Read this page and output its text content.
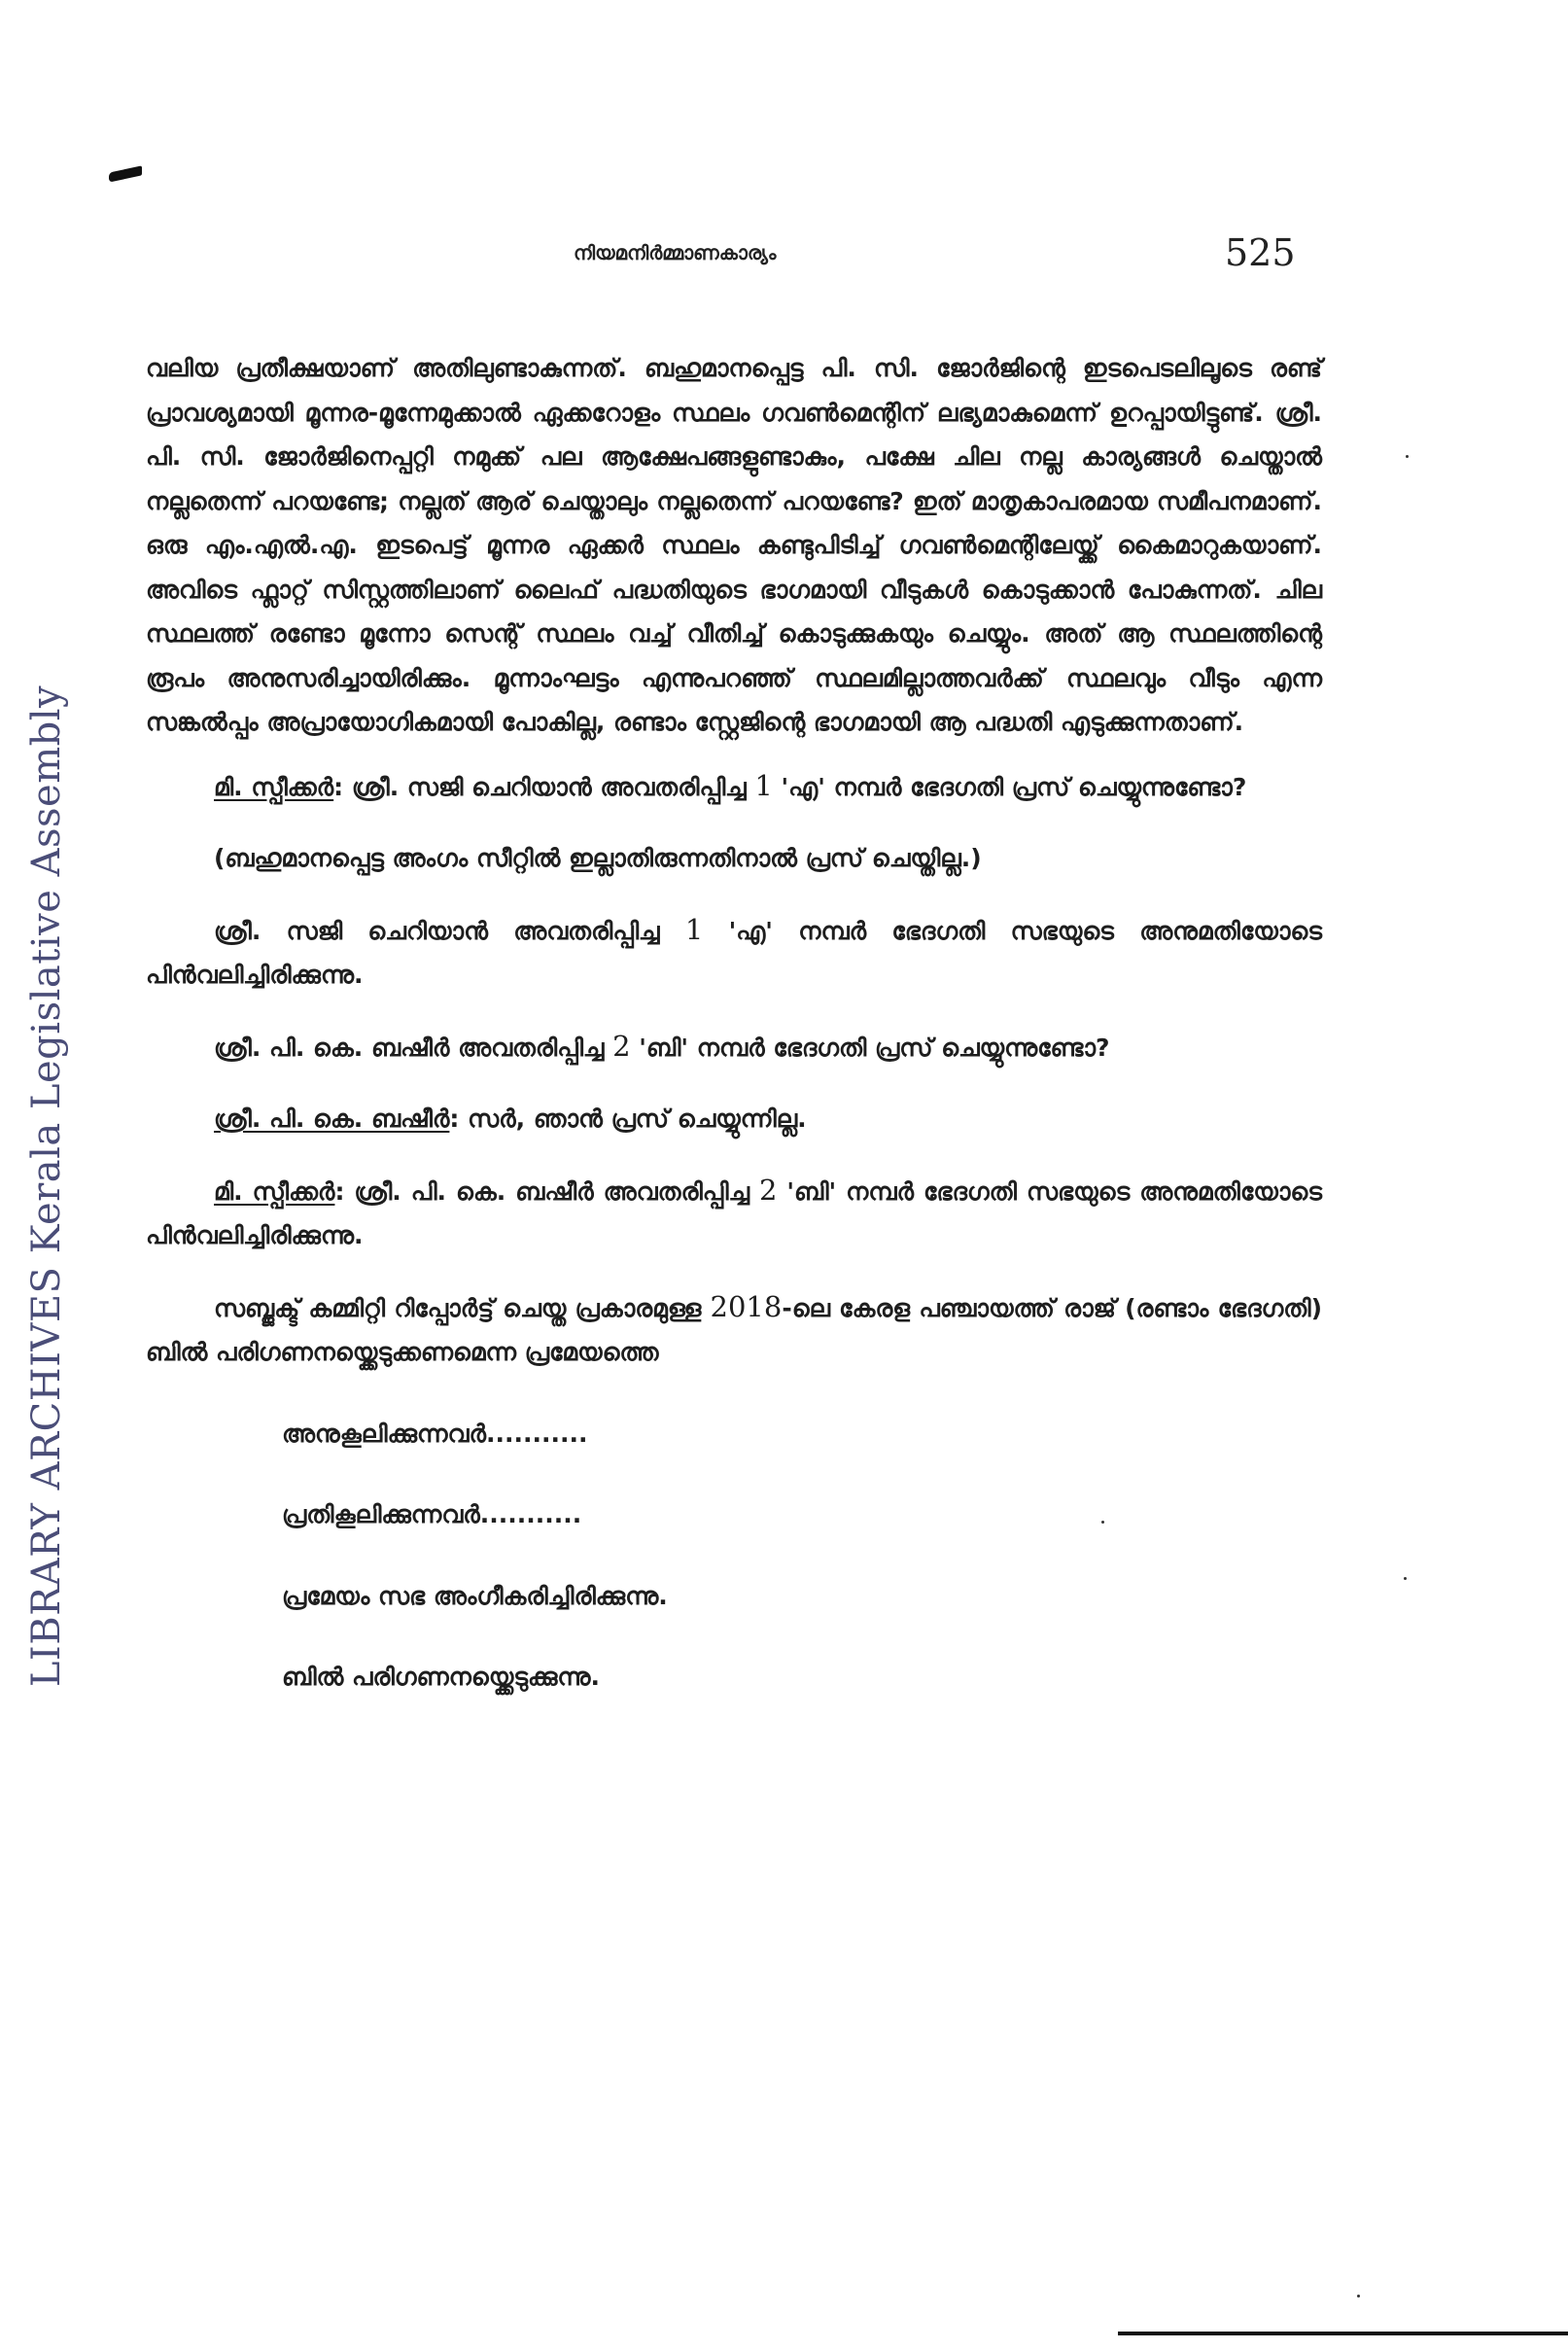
LIBRARY ARCHIVES Kerala Legislative Assembly
നിയമനിർമ്മാണകാര്യം	525

വലിയ പ്രതീക്ഷയാണ് അതിലുണ്ടാകുന്നത്. ബഹുമാനപ്പെട്ട പി. സി. ജോർജിന്റെ ഇടപെടലിലൂടെ രണ്ട് പ്രാവശ്യമായി മൂന്നര-മൂന്നേമുക്കാൽ ഏക്കറോളം സ്ഥലം ഗവൺമെന്റിന് ലഭ്യമാകുമെന്ന് ഉറപ്പായിട്ടുണ്ട്. ശ്രീ. പി. സി. ജോർജിനെപ്പറ്റി നമുക്ക് പല ആക്ഷേപങ്ങളുണ്ടാകും, പക്ഷേ ചില നല്ല കാര്യങ്ങൾ ചെയ്താൽ നല്ലതെന്ന് പറയണ്ടേ; നല്ലത് ആര് ചെയ്താലും നല്ലതെന്ന് പറയണ്ടേ? ഇത് മാതൃകാപരമായ സമീപനമാണ്. ഒരു എം.എൽ.എ. ഇടപെട്ട് മൂന്നര ഏക്കർ സ്ഥലം കണ്ടുപിടിച്ച് ഗവൺമെന്റിലേയ്ക്ക് കൈമാറുകയാണ്. അവിടെ ഫ്ലാറ്റ് സിസ്റ്റത്തിലാണ് ലൈഫ് പദ്ധതിയുടെ ഭാഗമായി വീടുകൾ കൊടുക്കാൻ പോകുന്നത്. ചില സ്ഥലത്ത് രണ്ടോ മൂന്നോ സെന്റ് സ്ഥലം വച്ച് വീതിച്ച് കൊടുക്കുകയും ചെയ്യും. അത് ആ സ്ഥലത്തിന്റെ രൂപം അനുസരിച്ചായിരിക്കും. മൂന്നാംഘട്ടം എന്നുപറഞ്ഞ് സ്ഥലമില്ലാത്തവർക്ക് സ്ഥലവും വീടും എന്ന സങ്കൽപ്പം അപ്രായോഗികമായി പോകില്ല, രണ്ടാം സ്റ്റേജിന്റെ ഭാഗമായി ആ പദ്ധതി എടുക്കുന്നതാണ്.

മി. സ്പീക്കർ: ശ്രീ. സജി ചെറിയാൻ അവതരിപ്പിച്ച 1 'എ' നമ്പർ ഭേദഗതി പ്രസ് ചെയ്യുന്നുണ്ടോ?

(ബഹുമാനപ്പെട്ട അംഗം സീറ്റിൽ ഇല്ലാതിരുന്നതിനാൽ പ്രസ് ചെയ്തില്ല.)

ശ്രീ. സജി ചെറിയാൻ അവതരിപ്പിച്ച 1 'എ' നമ്പർ ഭേദഗതി സഭയുടെ അനുമതിയോടെ പിൻവലിച്ചിരിക്കുന്നു.

ശ്രീ. പി. കെ. ബഷീർ അവതരിപ്പിച്ച 2 'ബി' നമ്പർ ഭേദഗതി പ്രസ് ചെയ്യുന്നുണ്ടോ?

ശ്രീ. പി. കെ. ബഷീർ: സർ, ഞാൻ പ്രസ് ചെയ്യുന്നില്ല.

മി. സ്പീക്കർ: ശ്രീ. പി. കെ. ബഷീർ അവതരിപ്പിച്ച 2 'ബി' നമ്പർ ഭേദഗതി സഭയുടെ അനുമതിയോടെ പിൻവലിച്ചിരിക്കുന്നു.

സബ്ജക്ട് കമ്മിറ്റി റിപ്പോർട്ട് ചെയ്ത പ്രകാരമുള്ള 2018-ലെ കേരള പഞ്ചായത്ത് രാജ് (രണ്ടാം ഭേദഗതി) ബിൽ പരിഗണനയ്ക്കെടുക്കണമെന്ന പ്രമേയത്തെ

അനുകൂലിക്കുന്നവർ...........

പ്രതികൂലിക്കുന്നവർ...........

പ്രമേയം സഭ അംഗീകരിച്ചിരിക്കുന്നു.

ബിൽ പരിഗണനയ്ക്കെടുക്കുന്നു.
